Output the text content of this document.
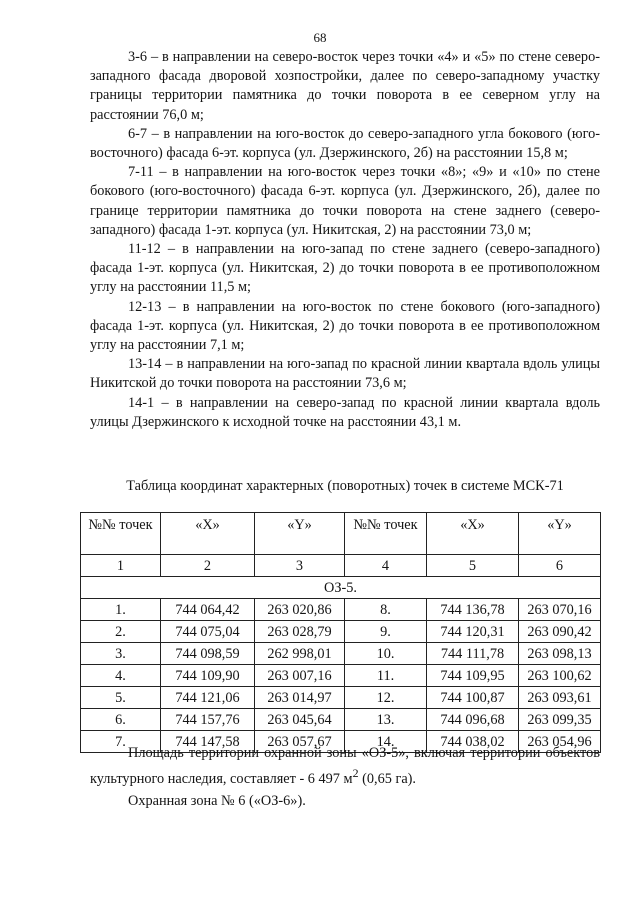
68

3-6 – в направлении на северо-восток через точки «4» и «5» по стене северо-западного фасада дворовой хозпостройки, далее по северо-западному участку границы территории памятника до точки поворота в ее северном углу на расстоянии 76,0 м;

6-7 – в направлении на юго-восток до северо-западного угла бокового (юго-восточного) фасада 6-эт. корпуса (ул. Дзержинского, 2б) на расстоянии 15,8 м;

7-11 – в направлении на юго-восток через точки «8»; «9» и «10» по стене бокового (юго-восточного) фасада 6-эт. корпуса (ул. Дзержинского, 2б), далее по границе территории памятника до точки поворота на стене заднего (северо-западного) фасада 1-эт. корпуса (ул. Никитская, 2) на расстоянии 73,0 м;

11-12 – в направлении на юго-запад по стене заднего (северо-западного) фасада 1-эт. корпуса (ул. Никитская, 2) до точки поворота в ее противоположном углу на расстоянии 11,5 м;

12-13 – в направлении на юго-восток по стене бокового (юго-западного) фасада 1-эт. корпуса (ул. Никитская, 2) до точки поворота в ее противоположном углу на расстоянии 7,1 м;

13-14 – в направлении на юго-запад по красной линии квартала вдоль улицы Никитской до точки поворота на расстоянии 73,6 м;

14-1 – в направлении на северо-запад по красной линии квартала вдоль улицы Дзержинского к исходной точке на расстоянии 43,1 м.

Таблица координат характерных (поворотных) точек в системе МСК-71
№№ точек	«X»	«Y»	№№ точек	«X»	«Y»
1	2	3	4	5	6
ОЗ-5.					
1.	744 064,42	263 020,86	8.	744 136,78	263 070,16
2.	744 075,04	263 028,79	9.	744 120,31	263 090,42
3.	744 098,59	262 998,01	10.	744 111,78	263 098,13
4.	744 109,90	263 007,16	11.	744 109,95	263 100,62
5.	744 121,06	263 014,97	12.	744 100,87	263 093,61
6.	744 157,76	263 045,64	13.	744 096,68	263 099,35
7.	744 147,58	263 057,67	14.	744 038,02	263 054,96

Площадь территории охранной зоны «ОЗ-5», включая территории объектов культурного наследия, составляет - 6 497 $м^2$ (0,65 га).

Охранная зона № 6 («ОЗ-6»).
